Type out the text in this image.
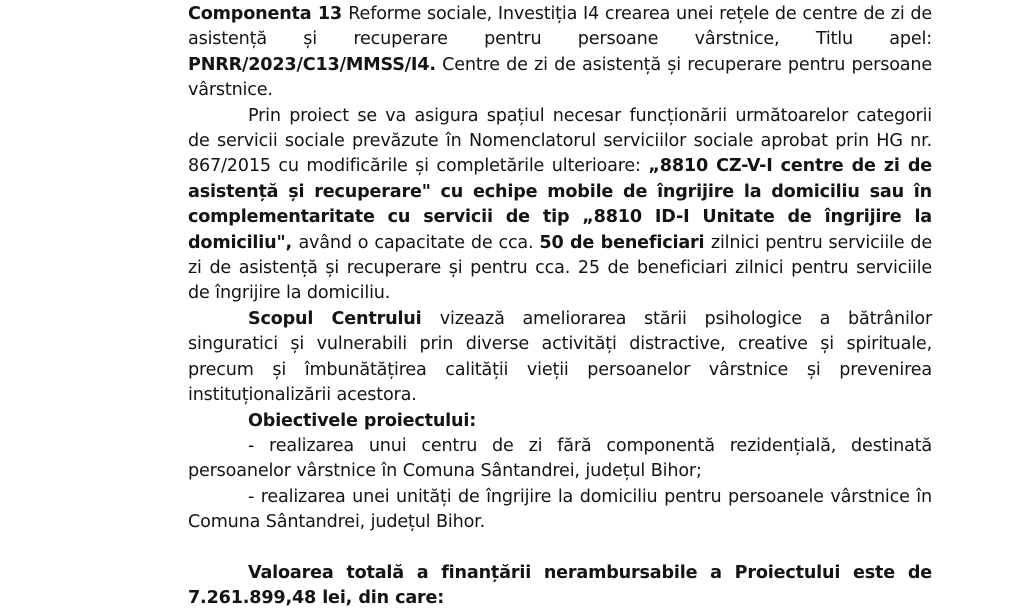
Componenta 13 Reforme sociale, Investiția I4 crearea unei rețele de centre de zi de asistență și recuperare pentru persoane vârstnice, Titlu apel: PNRR/2023/C13/MMSS/I4. Centre de zi de asistență și recuperare pentru persoane vârstnice.

Prin proiect se va asigura spațiul necesar funcționării următoarelor categorii de servicii sociale prevăzute în Nomenclatorul serviciilor sociale aprobat prin HG nr. 867/2015 cu modificările și completările ulterioare: „8810 CZ-V-I centre de zi de asistență și recuperare" cu echipe mobile de îngrijire la domiciliu sau în complementaritate cu servicii de tip „8810 ID-I Unitate de îngrijire la domiciliu", având o capacitate de cca. 50 de beneficiari zilnici pentru serviciile de zi de asistență și recuperare și pentru cca. 25 de beneficiari zilnici pentru serviciile de îngrijire la domiciliu.

Scopul Centrului vizează ameliorarea stării psihologice a bătrânilor singuratici și vulnerabili prin diverse activități distractive, creative și spirituale, precum și îmbunătățirea calității vieții persoanelor vârstnice și prevenirea instituționalizării acestora.

Obiectivele proiectului:

- realizarea unui centru de zi fără componentă rezidențială, destinată persoanelor vârstnice în Comuna Sântandrei, județul Bihor;

- realizarea unei unități de îngrijire la domiciliu pentru persoanele vârstnice în Comuna Sântandrei, județul Bihor.

Valoarea totală a finanțării nerambursabile a Proiectului este de 7.261.899,48 lei, din care:
